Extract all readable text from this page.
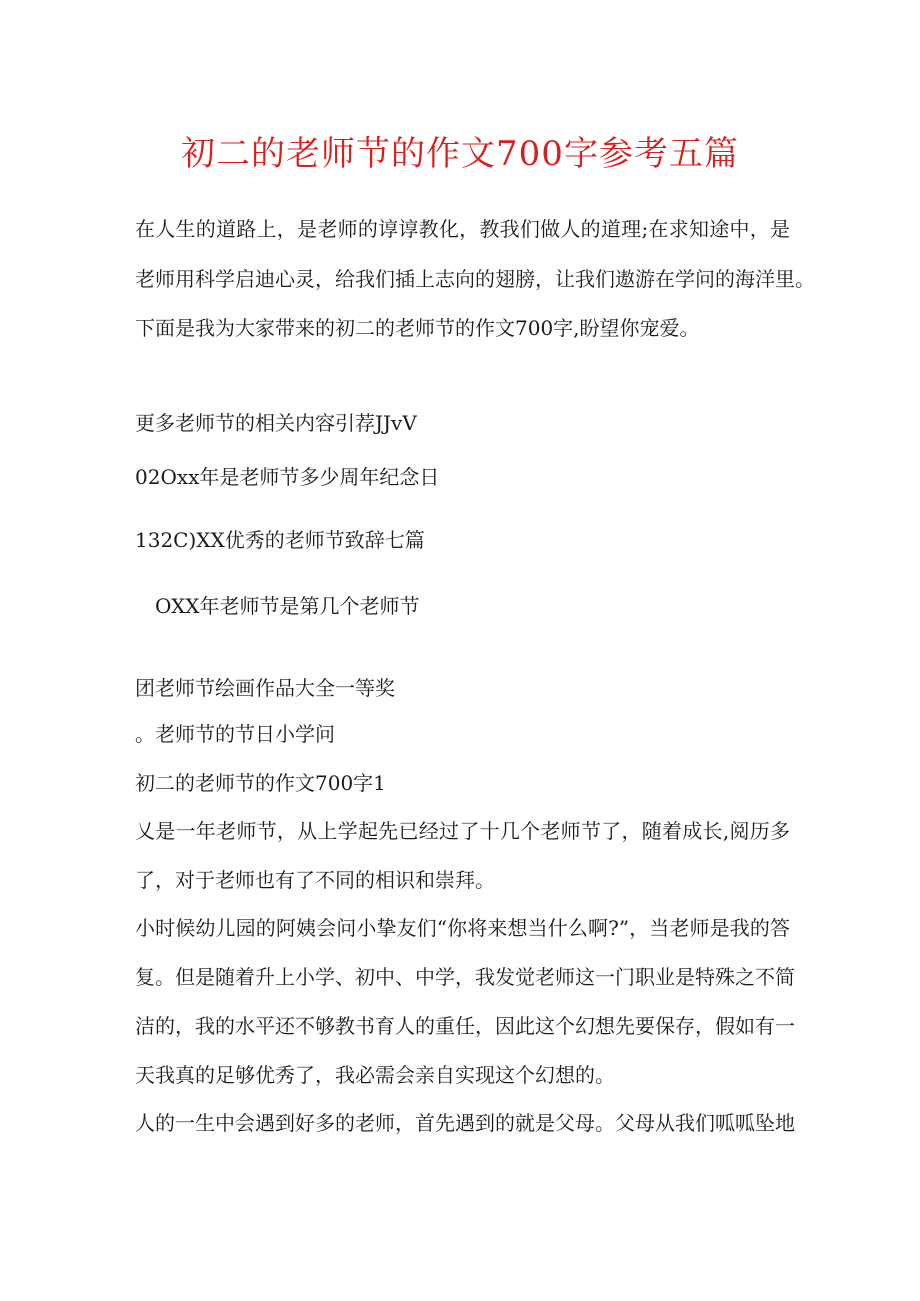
初二的老师节的作文700字参考五篇
在人生的道路上，是老师的谆谆教化，教我们做人的道理;在求知途中，是
老师用科学启迪心灵，给我们插上志向的翅膀，让我们遨游在学问的海洋里。
下面是我为大家带来的初二的老师节的作文700字,盼望你宠爱。
更多老师节的相关内容引荐JJvV
02Oxx年是老师节多少周年纪念日
132C)XX优秀的老师节致辞七篇
OXX年老师节是第几个老师节
团老师节绘画作品大全一等奖
。老师节的节日小学问
初二的老师节的作文700字1
乂是一年老师节，从上学起先已经过了十几个老师节了，随着成长,阅历多
了，对于老师也有了不同的相识和崇拜。
小时候幼儿园的阿姨会问小挚友们“你将来想当什么啊?”，当老师是我的答
复。但是随着升上小学、初中、中学，我发觉老师这一门职业是特殊之不简
洁的，我的水平还不够教书育人的重任，因此这个幻想先要保存，假如有一
天我真的足够优秀了，我必需会亲自实现这个幻想的。
人的一生中会遇到好多的老师，首先遇到的就是父母。父母从我们呱呱坠地
